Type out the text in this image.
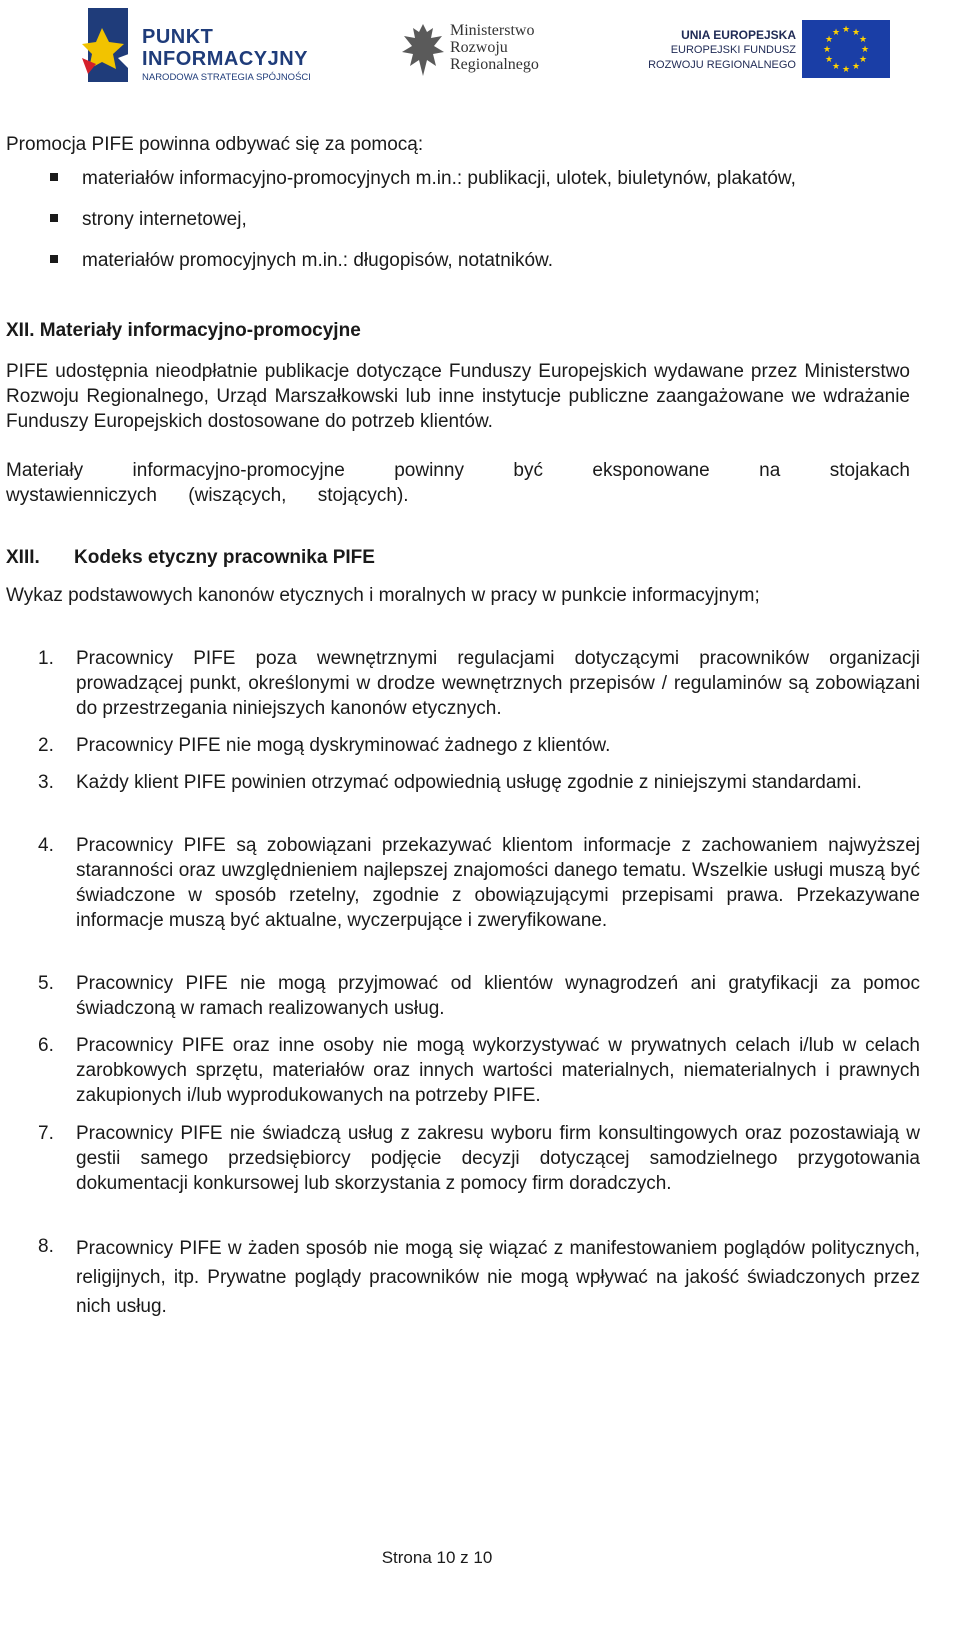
PUNKT
INFORMACYJNY
NARODOWA STRATEGIA SPÓJNOŚCI
Ministerstwo
Rozwoju
Regionalnego
UNIA EUROPEJSKA
EUROPEJSKI FUNDUSZ
ROZWOJU REGIONALNEGO
★ ★
★
★
★
★
★
★
★
★
★
★
Promocja PIFE powinna odbywać się za pomocą:
materiałów informacyjno-promocyjnych m.in.: publikacji, ulotek, biuletynów, plakatów,
strony internetowej,
materiałów promocyjnych m.in.: długopisów, notatników.
XII. Materiały informacyjno-promocyjne

PIFE udostępnia nieodpłatnie publikacje dotyczące Funduszy Europejskich wydawane przez Ministerstwo Rozwoju Regionalnego, Urząd Marszałkowski lub inne instytucje publiczne zaangażowane we wdrażanie Funduszy Europejskich dostosowane do potrzeb klientów.

Materiały informacyjno-promocyjne powinny być eksponowane na stojakach wystawienniczych (wiszących, stojących).

XIII. Kodeks etyczny pracownika PIFE
Wykaz podstawowych kanonów etycznych i moralnych w pracy w punkcie informacyjnym;
1. Pracownicy PIFE poza wewnętrznymi regulacjami dotyczącymi pracowników organizacji prowadzącej punkt, określonymi w drodze wewnętrznych przepisów / regulaminów są zobowiązani do przestrzegania niniejszych kanonów etycznych.
2. Pracownicy PIFE nie mogą dyskryminować żadnego z klientów.
3. Każdy klient PIFE powinien otrzymać odpowiednią usługę zgodnie z niniejszymi standardami.
4. Pracownicy PIFE są zobowiązani przekazywać klientom informacje z zachowaniem najwyższej staranności oraz uwzględnieniem najlepszej znajomości danego tematu. Wszelkie usługi muszą być świadczone w sposób rzetelny, zgodnie z obowiązującymi przepisami prawa. Przekazywane informacje muszą być aktualne, wyczerpujące i zweryfikowane.
5. Pracownicy PIFE nie mogą przyjmować od klientów wynagrodzeń ani gratyfikacji za pomoc świadczoną w ramach realizowanych usług.
6. Pracownicy PIFE oraz inne osoby nie mogą wykorzystywać w prywatnych celach i/lub w celach zarobkowych sprzętu, materiałów oraz innych wartości materialnych, niematerialnych i prawnych zakupionych i/lub wyprodukowanych na potrzeby PIFE.
7. Pracownicy PIFE nie świadczą usług z zakresu wyboru firm konsultingowych oraz pozostawiają w gestii samego przedsiębiorcy podjęcie decyzji dotyczącej samodzielnego przygotowania dokumentacji konkursowej lub skorzystania z pomocy firm doradczych.
8. Pracownicy PIFE w żaden sposób nie mogą się wiązać z manifestowaniem poglądów politycznych, religijnych, itp. Prywatne poglądy pracowników nie mogą wpływać na jakość świadczonych przez nich usług.
Strona 10 z 10
